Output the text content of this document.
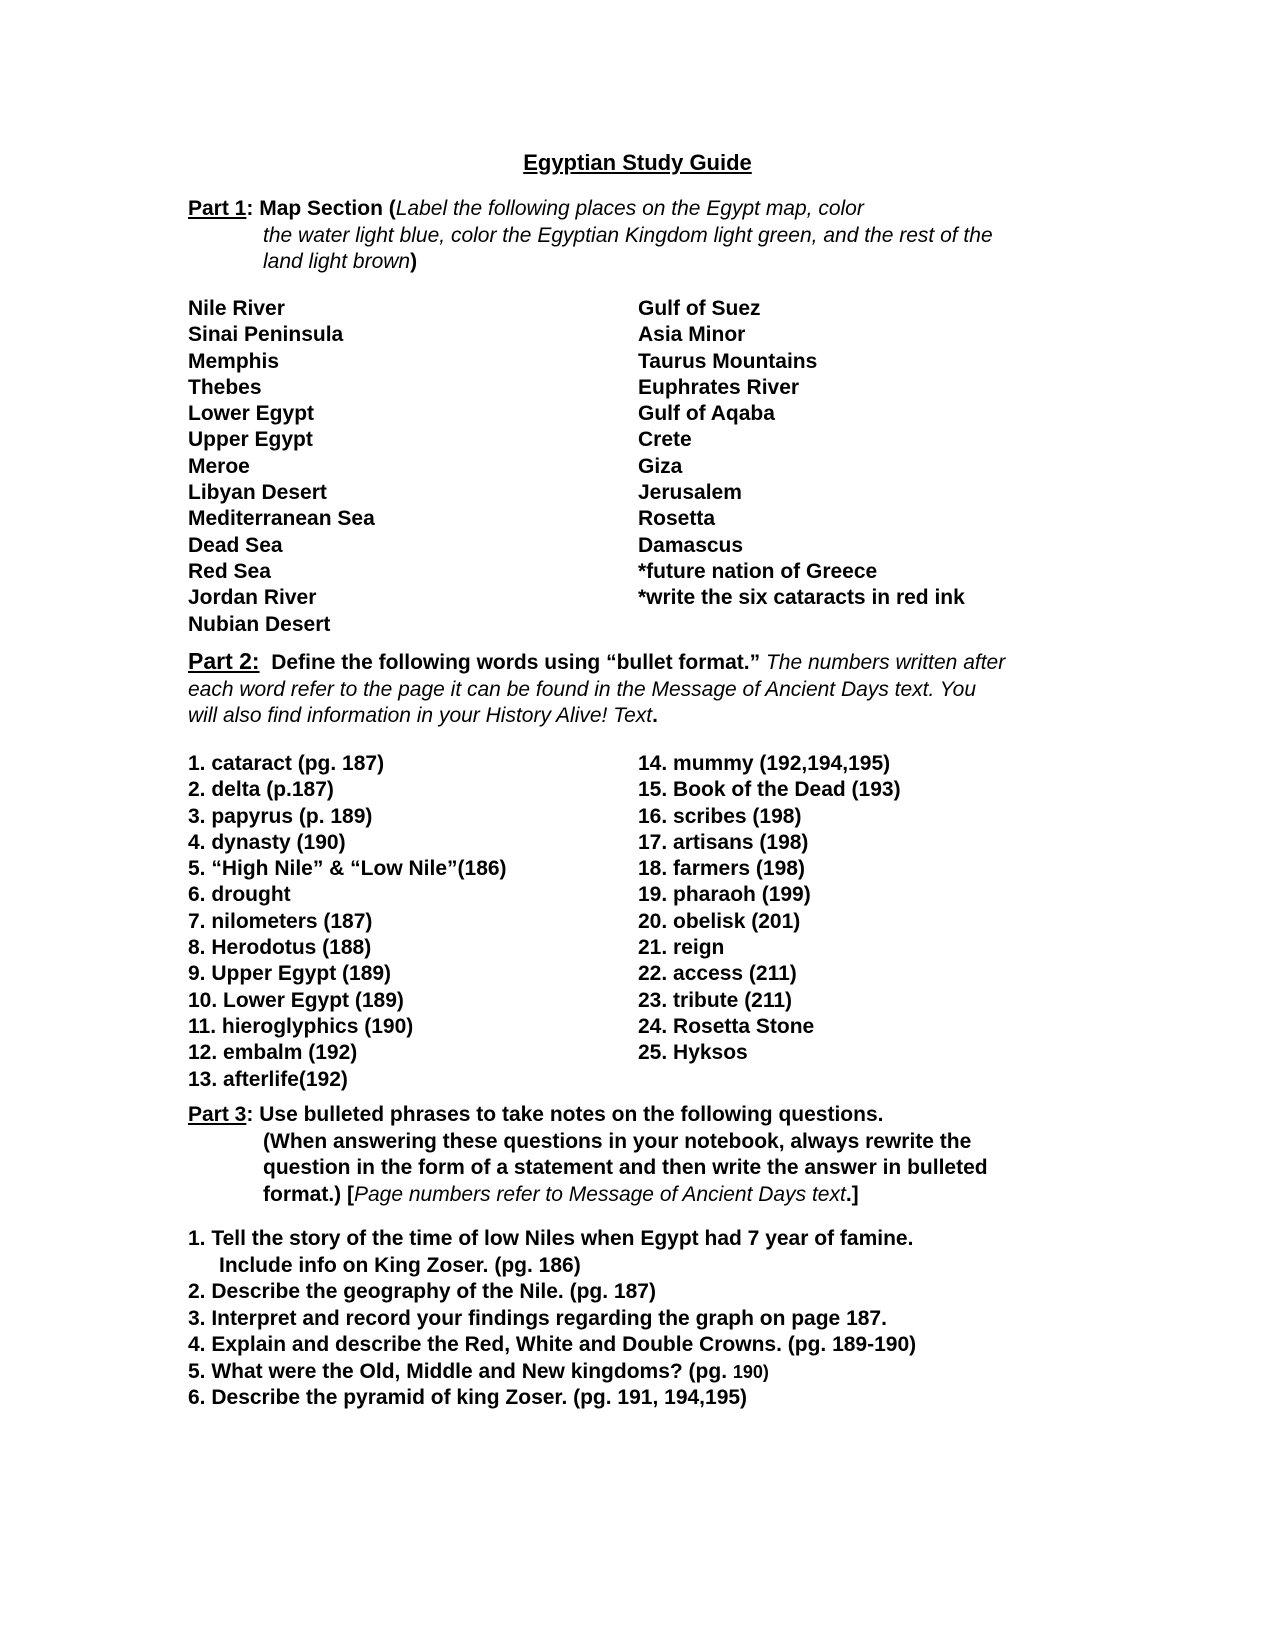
Egyptian Study Guide
Part 1: Map Section (Label the following places on the Egypt map, color
the water light blue, color the Egyptian Kingdom light green, and the rest of the
land light brown)
Nile River
Sinai Peninsula
Memphis
Thebes
Lower Egypt
Upper Egypt
Meroe
Libyan Desert
Mediterranean Sea
Dead Sea
Red Sea
Jordan River
Nubian Desert
Gulf of Suez
Asia Minor
Taurus Mountains
Euphrates River
Gulf of Aqaba
Crete
Giza
Jerusalem
Rosetta
Damascus
*future nation of Greece
*write the six cataracts in red ink
Part 2: Define the following words using “bullet format.” The numbers written after
each word refer to the page it can be found in the Message of Ancient Days text. You
will also find information in your History Alive! Text.
1. cataract (pg. 187)
2. delta (p.187)
3. papyrus (p. 189)
4. dynasty (190)
5. “High Nile” & “Low Nile”(186)
6. drought
7. nilometers (187)
8. Herodotus (188)
9. Upper Egypt (189)
10. Lower Egypt (189)
11. hieroglyphics (190)
12. embalm (192)
13. afterlife(192)
14. mummy (192,194,195)
15. Book of the Dead (193)
16. scribes (198)
17. artisans (198)
18. farmers (198)
19. pharaoh (199)
20. obelisk (201)
21. reign
22. access (211)
23. tribute (211)
24. Rosetta Stone
25. Hyksos
Part 3: Use bulleted phrases to take notes on the following questions.
(When answering these questions in your notebook, always rewrite the
question in the form of a statement and then write the answer in bulleted
format.) [Page numbers refer to Message of Ancient Days text.]
1. Tell the story of the time of low Niles when Egypt had 7 year of famine.
Include info on King Zoser. (pg. 186)
2. Describe the geography of the Nile. (pg. 187)
3. Interpret and record your findings regarding the graph on page 187.
4. Explain and describe the Red, White and Double Crowns. (pg. 189-190)
5. What were the Old, Middle and New kingdoms? (pg. 190)
6. Describe the pyramid of king Zoser. (pg. 191, 194,195)
